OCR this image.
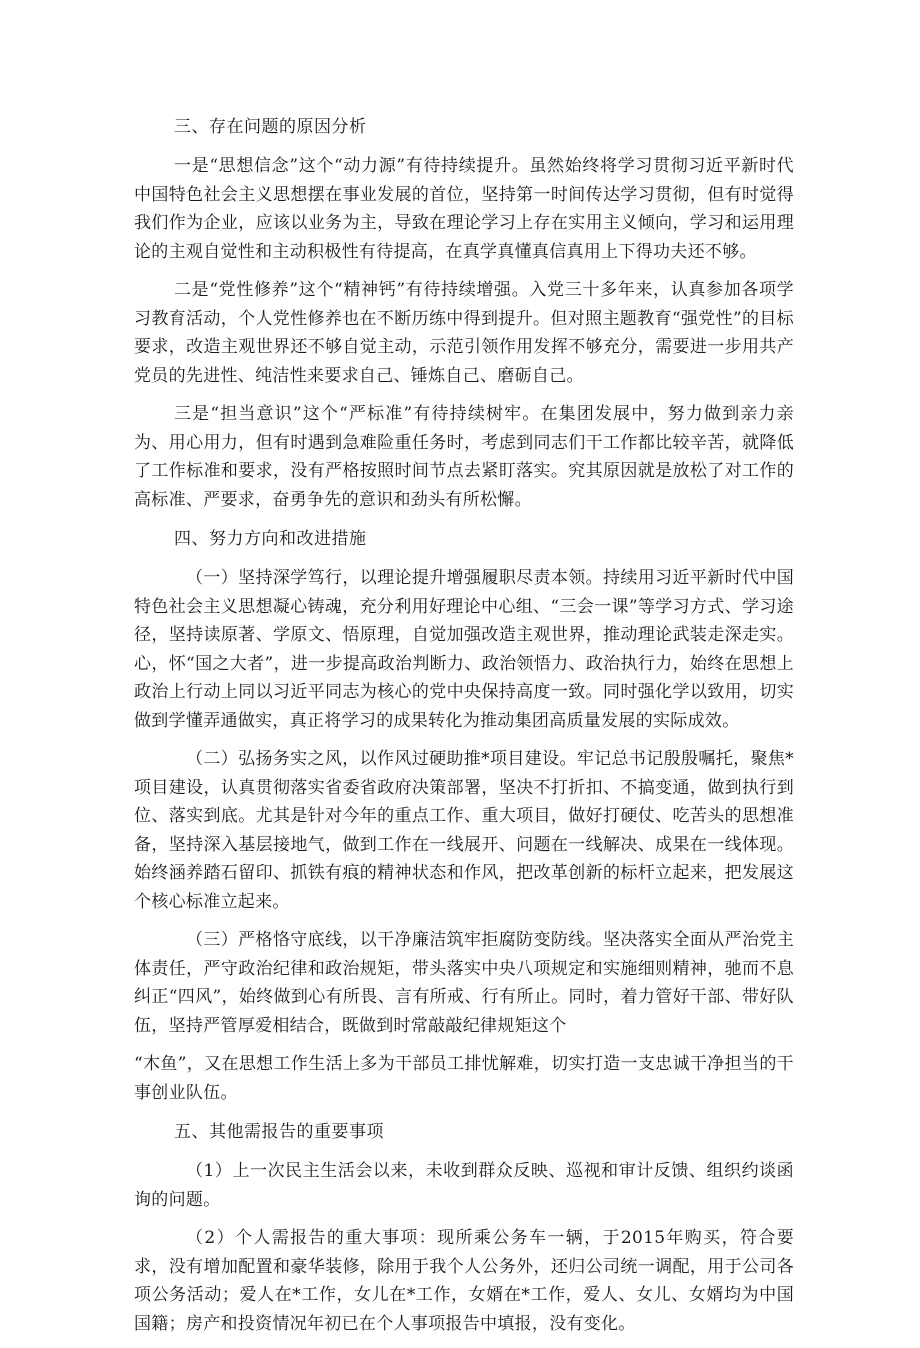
三、存在问题的原因分析

一是“思想信念”这个“动力源”有待持续提升。虽然始终将学习贯彻习近平新时代中国特色社会主义思想摆在事业发展的首位，坚持第一时间传达学习贯彻，但有时觉得我们作为企业，应该以业务为主，导致在理论学习上存在实用主义倾向，学习和运用理论的主观自觉性和主动积极性有待提高，在真学真懂真信真用上下得功夫还不够。

二是“党性修养”这个“精神钙”有待持续增强。入党三十多年来，认真参加各项学习教育活动，个人党性修养也在不断历练中得到提升。但对照主题教育“强党性”的目标要求，改造主观世界还不够自觉主动，示范引领作用发挥不够充分，需要进一步用共产党员的先进性、纯洁性来要求自己、锤炼自己、磨砺自己。

三是“担当意识”这个“严标准”有待持续树牢。在集团发展中，努力做到亲力亲为、用心用力，但有时遇到急难险重任务时，考虑到同志们干工作都比较辛苦，就降低了工作标准和要求，没有严格按照时间节点去紧盯落实。究其原因就是放松了对工作的高标准、严要求，奋勇争先的意识和劲头有所松懈。

四、努力方向和改进措施

（一）坚持深学笃行，以理论提升增强履职尽责本领。持续用习近平新时代中国特色社会主义思想凝心铸魂，充分利用好理论中心组、“三会一课”等学习方式、学习途径，坚持读原著、学原文、悟原理，自觉加强改造主观世界，推动理论武装走深走实。心，怀“国之大者”，进一步提高政治判断力、政治领悟力、政治执行力，始终在思想上政治上行动上同以习近平同志为核心的党中央保持高度一致。同时强化学以致用，切实做到学懂弄通做实，真正将学习的成果转化为推动集团高质量发展的实际成效。

（二）弘扬务实之风，以作风过硬助推*项目建设。牢记总书记殷殷嘱托，聚焦*项目建设，认真贯彻落实省委省政府决策部署，坚决不打折扣、不搞变通，做到执行到位、落实到底。尤其是针对今年的重点工作、重大项目，做好打硬仗、吃苦头的思想准备，坚持深入基层接地气，做到工作在一线展开、问题在一线解决、成果在一线体现。始终涵养踏石留印、抓铁有痕的精神状态和作风，把改革创新的标杆立起来，把发展这个核心标准立起来。

（三）严格恪守底线，以干净廉洁筑牢拒腐防变防线。坚决落实全面从严治党主体责任，严守政治纪律和政治规矩，带头落实中央八项规定和实施细则精神，驰而不息纠正“四风”，始终做到心有所畏、言有所戒、行有所止。同时，着力管好干部、带好队伍，坚持严管厚爱相结合，既做到时常敲敲纪律规矩这个

“木鱼”，又在思想工作生活上多为干部员工排忧解难，切实打造一支忠诚干净担当的干事创业队伍。

五、其他需报告的重要事项

（1）上一次民主生活会以来，未收到群众反映、巡视和审计反馈、组织约谈函询的问题。

（2）个人需报告的重大事项：现所乘公务车一辆，于2015年购买，符合要求，没有增加配置和豪华装修，除用于我个人公务外，还归公司统一调配，用于公司各项公务活动；爱人在*工作，女儿在*工作，女婿在*工作，爱人、女儿、女婿均为中国国籍；房产和投资情况年初已在个人事项报告中填报，没有变化。
